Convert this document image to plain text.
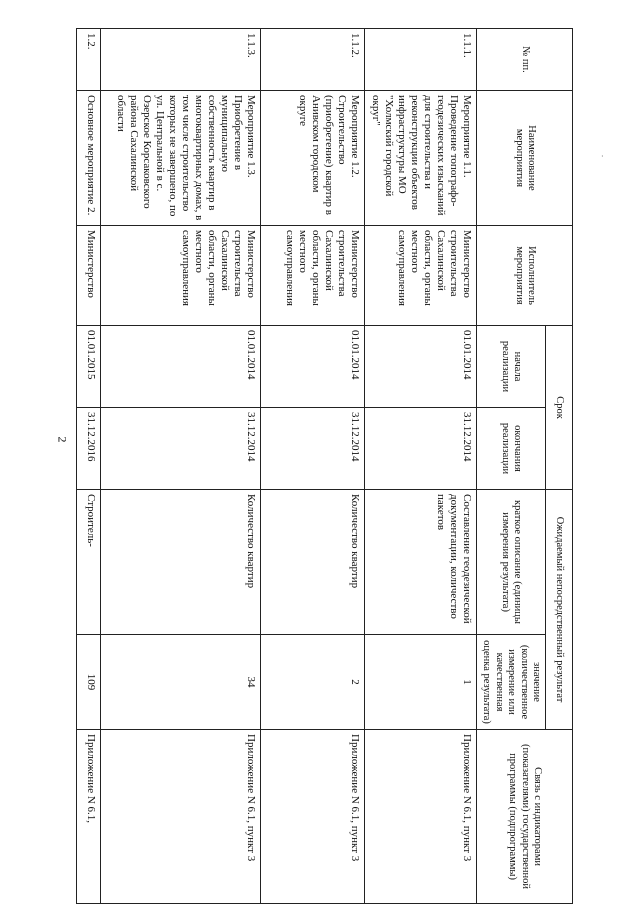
2
№ пп.	Наименование мероприятия	Исполнитель мероприятия	Срок		Ожидаемый непосредственный результат		Связь с индикаторами (показателями) государственной программы (подпрограммы)
			начала реализации	окончания реализации	краткое описание (единицы измерения результата)	значение (количественное измерение или качественная оценка результата)	
1.1.1.	Мероприятие 1.1. Проведение топографо-геодезических изысканий для строительства и реконструкции объектов инфраструктуры МО "Холмский городской округ"	Министерство строительства Сахалинской области, органы местного самоуправления	01.01.2014	31.12.2014	Составление геодезической документации, количество пакетов	1	Приложение N 6.1, пункт 3
1.1.2.	Мероприятие 1.2. Строительство (приобретение) квартир в Анивском городском округе	Министерство строительства Сахалинской области, органы местного самоуправления	01.01.2014	31.12.2014	Количество квартир	2	Приложение N 6.1, пункт 3
1.1.3.	Мероприятие 1.3. Приобретение в муниципальную собственность квартир в многоквартирных домах, в том числе строительство которых не завершено, по ул. Центральной в с. Озерское Корсаковского района Сахалинской области	Министерство строительства Сахалинской области, органы местного самоуправления	01.01.2014	31.12.2014	Количество квартир	34	Приложение N 6.1, пункт 3
1.2.	Основное мероприятие 2.	Министерство	01.01.2015	31.12.2016	Строитель-	109	Приложение N 6.1,
·
